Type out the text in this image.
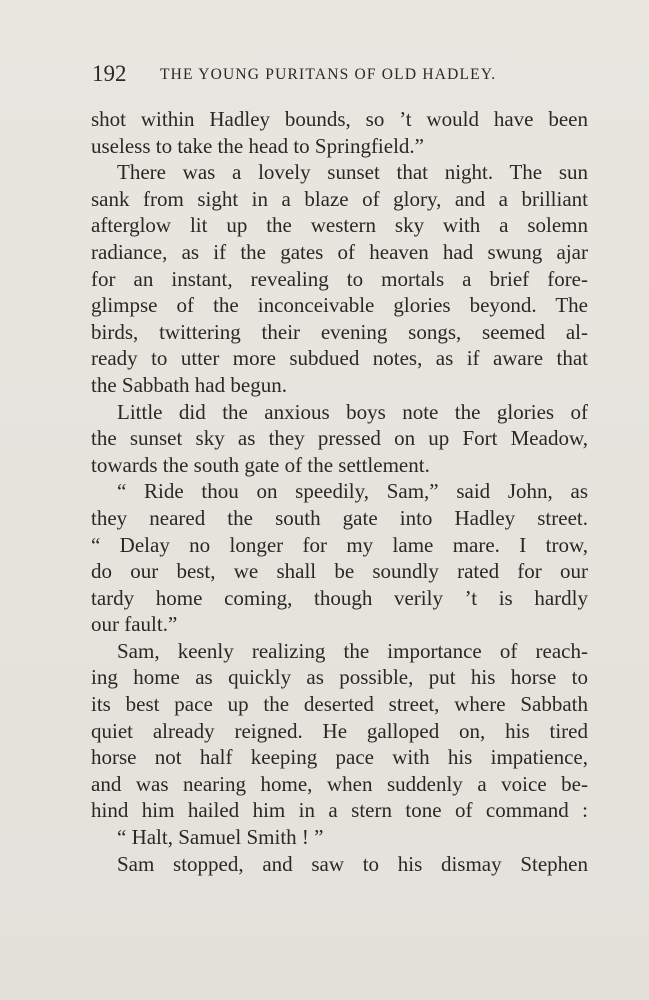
192 THE YOUNG PURITANS OF OLD HADLEY.
shot within Hadley bounds, so ’t would have been
useless to take the head to Springfield.”
There was a lovely sunset that night. The sun
sank from sight in a blaze of glory, and a brilliant
afterglow lit up the western sky with a solemn
radiance, as if the gates of heaven had swung ajar
for an instant, revealing to mortals a brief fore-
glimpse of the inconceivable glories beyond. The
birds, twittering their evening songs, seemed al-
ready to utter more subdued notes, as if aware that
the Sabbath had begun.
Little did the anxious boys note the glories of
the sunset sky as they pressed on up Fort Meadow,
towards the south gate of the settlement.
“ Ride thou on speedily, Sam,” said John, as
they neared the south gate into Hadley street.
“ Delay no longer for my lame mare. I trow,
do our best, we shall be soundly rated for our
tardy home coming, though verily ’t is hardly
our fault.”
Sam, keenly realizing the importance of reach-
ing home as quickly as possible, put his horse to
its best pace up the deserted street, where Sabbath
quiet already reigned. He galloped on, his tired
horse not half keeping pace with his impatience,
and was nearing home, when suddenly a voice be-
hind him hailed him in a stern tone of command :
“ Halt, Samuel Smith ! ”
Sam stopped, and saw to his dismay Stephen
